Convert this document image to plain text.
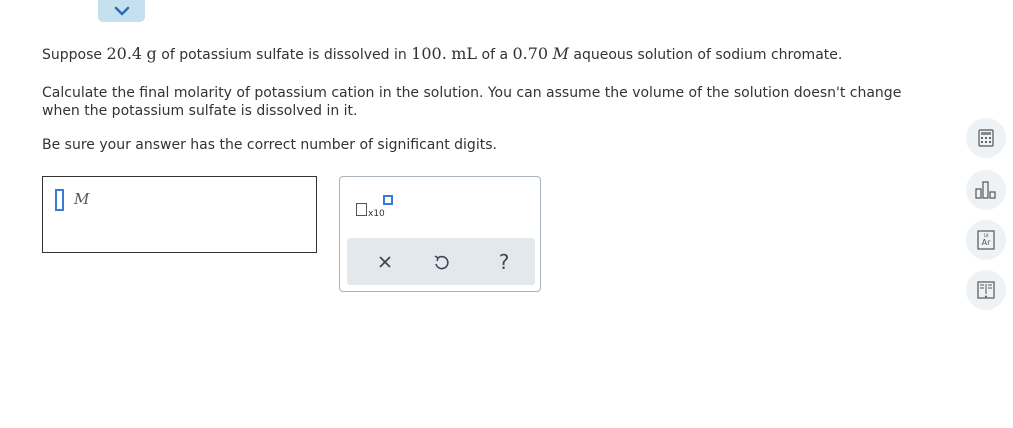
Suppose 20.4 g of potassium sulfate is dissolved in 100. mL of a 0.70 M aqueous solution of sodium chromate.
Calculate the final molarity of potassium cation in the solution. You can assume the volume of the solution doesn't change
when the potassium sulfate is dissolved in it.
Be sure your answer has the correct number of significant digits.
M
x10
?
18
Ar
